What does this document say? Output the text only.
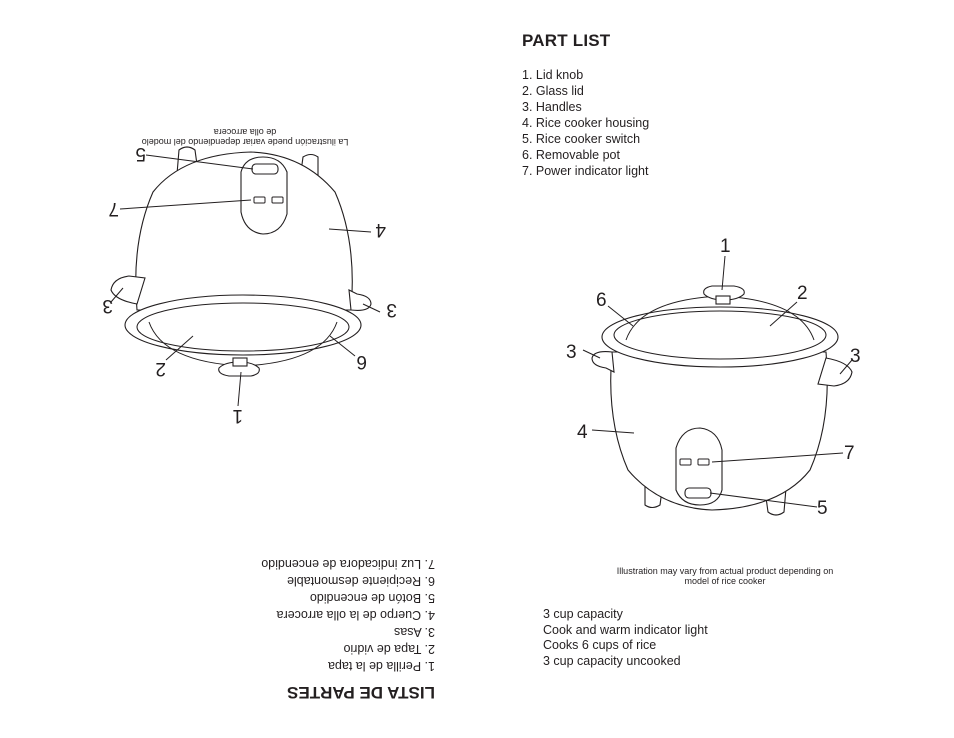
PART LIST
1. Lid knob
2. Glass lid
3. Handles
4. Rice cooker housing
5. Rice cooker switch
6. Removable pot
7. Power indicator light
Illustration may vary from actual product depending on model of rice cooker
3 cup capacity
Cook and warm indicator light
Cooks 6 cups of rice
3 cup capacity uncooked
1
2
6
3	3
4
7
5
1
2	6
3
3
4
7
5
La ilustración puede variar dependiendo del modelo de olla arrocera
1. Perilla de la tapa
2. Tapa de vidrio
3. Asas
4. Cuerpo de la olla arrocera
5. Botón de encendido
6. Recipiente desmontable
7. Luz indicadora de encendido
LISTA DE PARTES
